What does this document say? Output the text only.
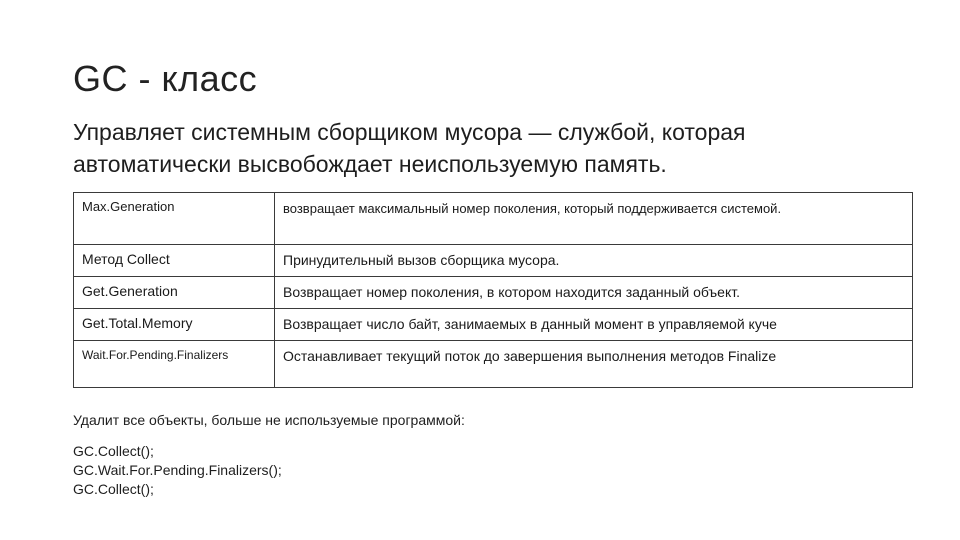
GC - класс
Управляет системным сборщиком мусора — службой, которая автоматически высвобождает неиспользуемую память.
Max.Generation	возвращает максимальный номер поколения, который поддерживается системой.
Метод Collect	Принудительный вызов сборщика мусора.
Get.Generation	Возвращает номер поколения, в котором находится заданный объект.
Get.Total.Memory	Возвращает число байт, занимаемых в данный момент в управляемой куче
Wait.For.Pending.Finalizers	Останавливает текущий поток до завершения выполнения методов Finalize
Удалит все объекты, больше не используемые программой:
GC.Collect();
GC.Wait.For.Pending.Finalizers();
GC.Collect();
